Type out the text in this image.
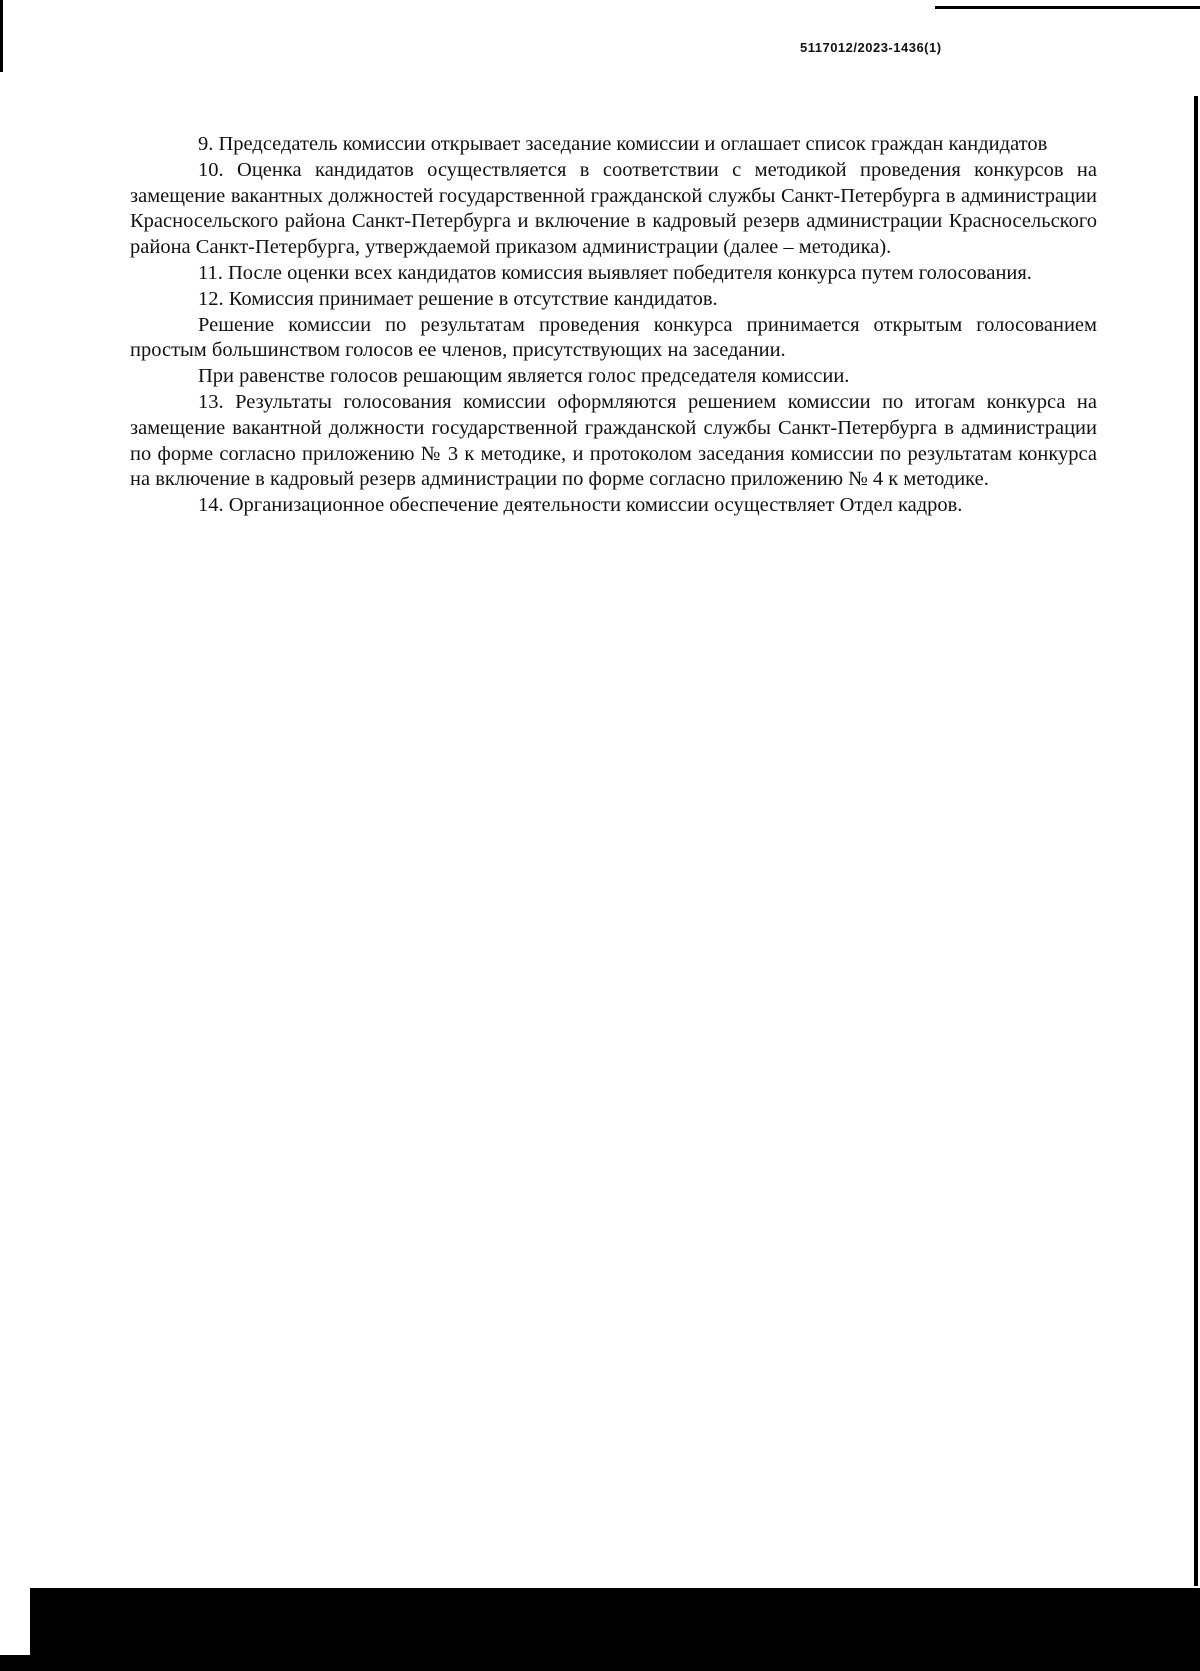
5117012/2023-1436(1)

9. Председатель комиссии открывает заседание комиссии и оглашает список граждан кандидатов

10. Оценка кандидатов осуществляется в соответствии с методикой проведения конкурсов на замещение вакантных должностей государственной гражданской службы Санкт-Петербурга в администрации Красносельского района Санкт-Петербурга и включение в кадровый резерв администрации Красносельского района Санкт-Петербурга, утверждаемой приказом администрации (далее – методика).

11. После оценки всех кандидатов комиссия выявляет победителя конкурса путем голосования.

12. Комиссия принимает решение в отсутствие кандидатов.

Решение комиссии по результатам проведения конкурса принимается открытым голосованием простым большинством голосов ее членов, присутствующих на заседании.

При равенстве голосов решающим является голос председателя комиссии.

13. Результаты голосования комиссии оформляются решением комиссии по итогам конкурса на замещение вакантной должности государственной гражданской службы Санкт-Петербурга в администрации по форме согласно приложению № 3 к методике, и протоколом заседания комиссии по результатам конкурса на включение в кадровый резерв администрации по форме согласно приложению № 4 к методике.

14. Организационное обеспечение деятельности комиссии осуществляет Отдел кадров.
